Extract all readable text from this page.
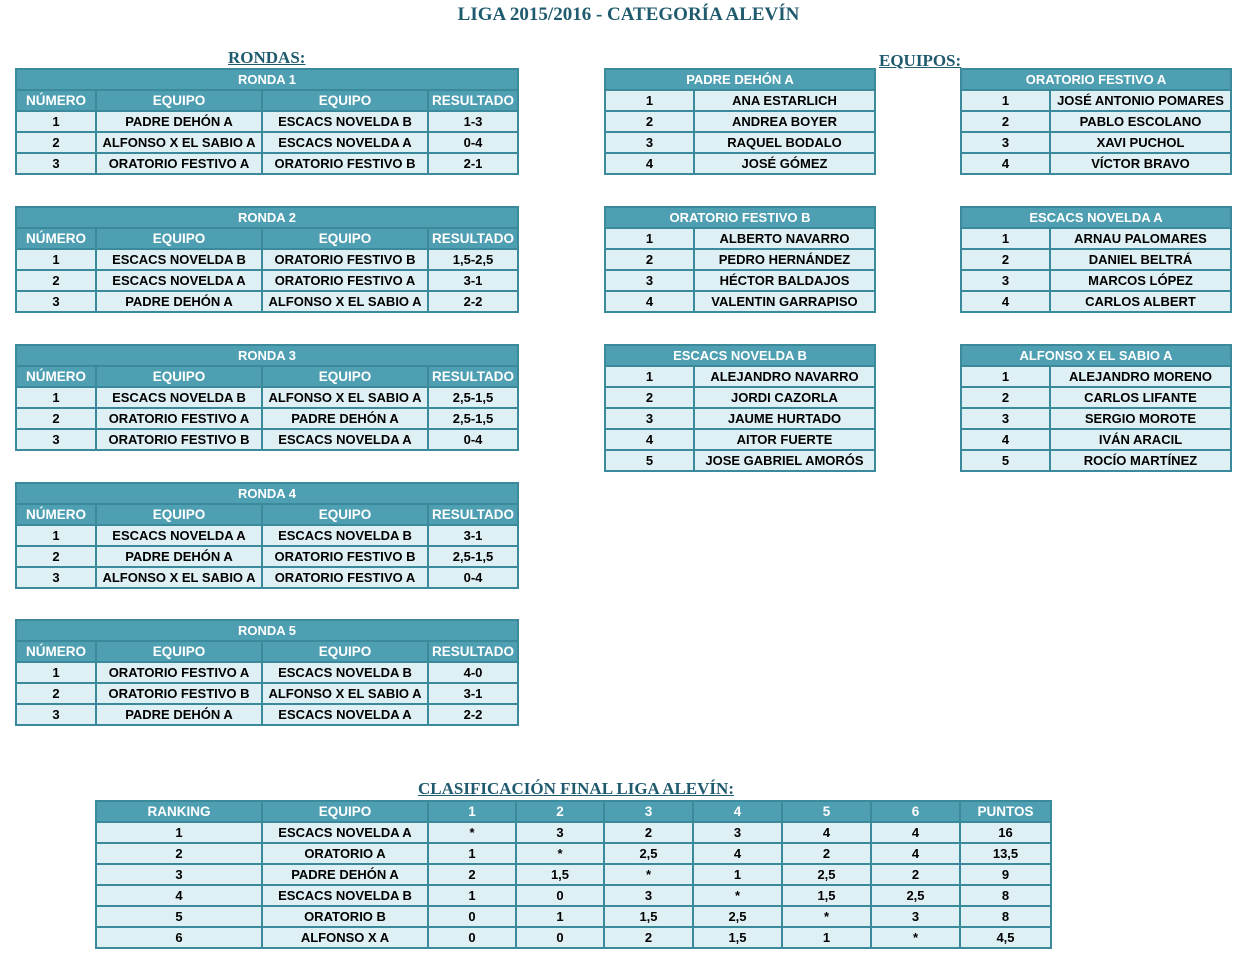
LIGA 2015/2016 - CATEGORÍA ALEVÍN
RONDAS:	EQUIPOS:
RONDA 1			
NÚMERO	EQUIPO	EQUIPO	RESULTADO
1	PADRE DEHÓN A	ESCACS NOVELDA B	1-3
2	ALFONSO X EL SABIO A	ESCACS NOVELDA A	0-4
3	ORATORIO FESTIVO A	ORATORIO FESTIVO B	2-1
RONDA 2			
NÚMERO	EQUIPO	EQUIPO	RESULTADO
1	ESCACS NOVELDA B	ORATORIO FESTIVO B	1,5-2,5
2	ESCACS NOVELDA A	ORATORIO FESTIVO A	3-1
3	PADRE DEHÓN A	ALFONSO X EL SABIO A	2-2
RONDA 3			
NÚMERO	EQUIPO	EQUIPO	RESULTADO
1	ESCACS NOVELDA B	ALFONSO X EL SABIO A	2,5-1,5
2	ORATORIO FESTIVO A	PADRE DEHÓN A	2,5-1,5
3	ORATORIO FESTIVO B	ESCACS NOVELDA A	0-4
RONDA 4			
NÚMERO	EQUIPO	EQUIPO	RESULTADO
1	ESCACS NOVELDA A	ESCACS NOVELDA B	3-1
2	PADRE DEHÓN A	ORATORIO FESTIVO B	2,5-1,5
3	ALFONSO X EL SABIO A	ORATORIO FESTIVO A	0-4
RONDA 5			
NÚMERO	EQUIPO	EQUIPO	RESULTADO
1	ORATORIO FESTIVO A	ESCACS NOVELDA B	4-0
2	ORATORIO FESTIVO B	ALFONSO X EL SABIO A	3-1
3	PADRE DEHÓN A	ESCACS NOVELDA A	2-2
PADRE DEHÓN A	
1	ANA ESTARLICH
2	ANDREA BOYER
3	RAQUEL BODALO
4	JOSÉ GÓMEZ
ORATORIO FESTIVO A	
1	JOSÉ ANTONIO POMARES
2	PABLO ESCOLANO
3	XAVI PUCHOL
4	VÍCTOR BRAVO
ORATORIO FESTIVO B	
1	ALBERTO NAVARRO
2	PEDRO HERNÁNDEZ
3	HÉCTOR BALDAJOS
4	VALENTIN GARRAPISO
ESCACS NOVELDA A	
1	ARNAU PALOMARES
2	DANIEL BELTRÁ
3	MARCOS LÓPEZ
4	CARLOS ALBERT
ESCACS NOVELDA B	
1	ALEJANDRO NAVARRO
2	JORDI CAZORLA
3	JAUME HURTADO
4	AITOR FUERTE
5	JOSE GABRIEL AMORÓS
ALFONSO X EL SABIO A	
1	ALEJANDRO MORENO
2	CARLOS LIFANTE
3	SERGIO MOROTE
4	IVÁN ARACIL
5	ROCÍO MARTÍNEZ
CLASIFICACIÓN FINAL LIGA ALEVÍN:
RANKING	EQUIPO	1	2	3	4	5	6	PUNTOS
1	ESCACS NOVELDA A	*	3	2	3	4	4	16
2	ORATORIO A	1	*	2,5	4	2	4	13,5
3	PADRE DEHÓN A	2	1,5	*	1	2,5	2	9
4	ESCACS NOVELDA B	1	0	3	*	1,5	2,5	8
5	ORATORIO B	0	1	1,5	2,5	*	3	8
6	ALFONSO X A	0	0	2	1,5	1	*	4,5
